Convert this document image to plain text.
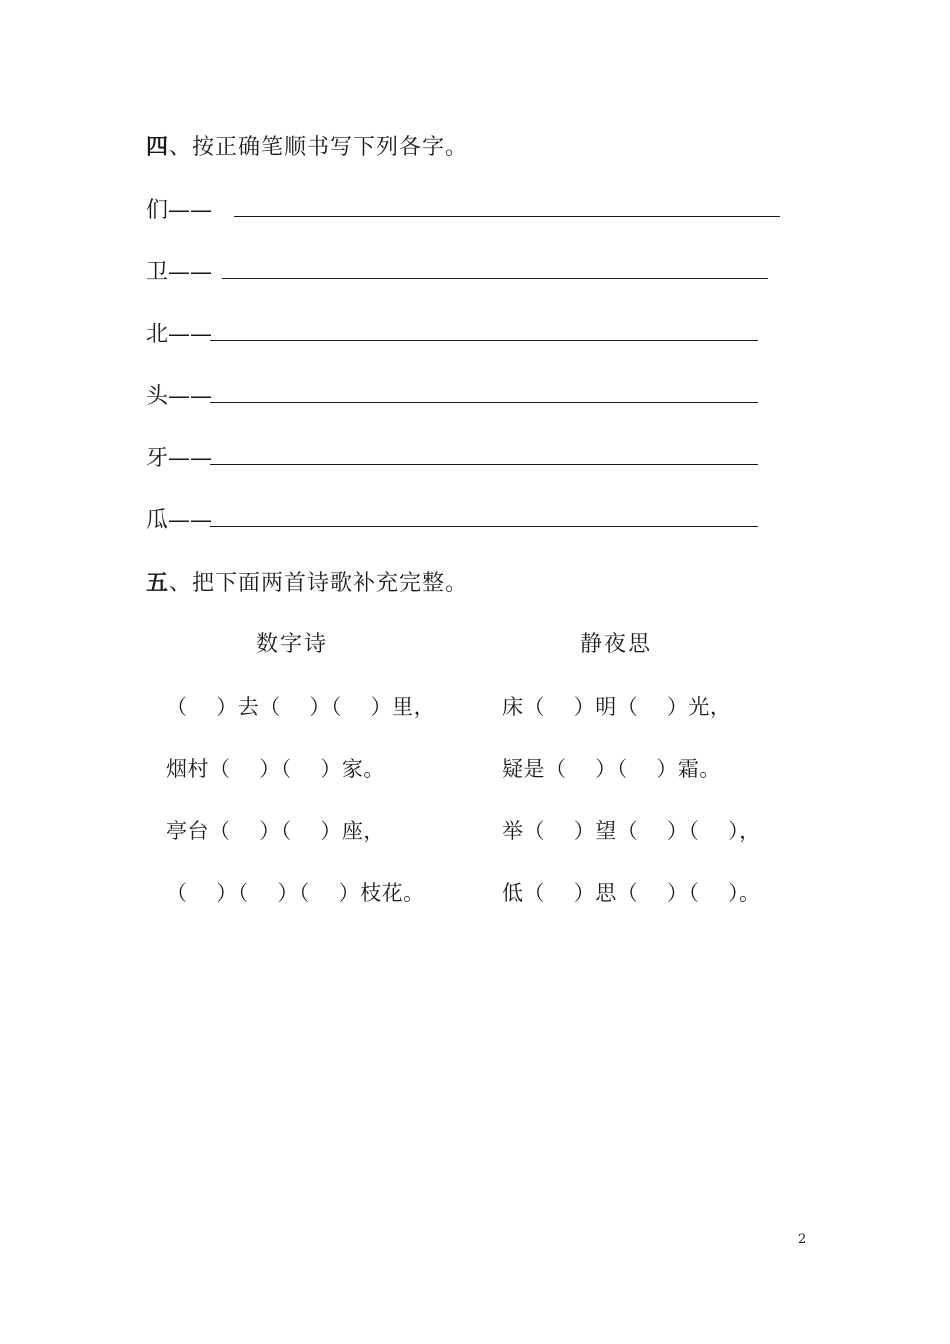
四、按正确笔顺书写下列各字。
们——
卫——
北——
头——
牙——
瓜——
五、把下面两首诗歌补充完整。
数字诗	静夜思
（    ）去（    ）（    ）里，
烟村（    ）（    ）家。
亭台（    ）（    ）座，
（    ）（    ）（    ）枝花。
床（    ）明（    ）光，
疑是（    ）（    ）霜。
举（    ）望（    ）（    ），
低（    ）思（    ）（    ）。
2
